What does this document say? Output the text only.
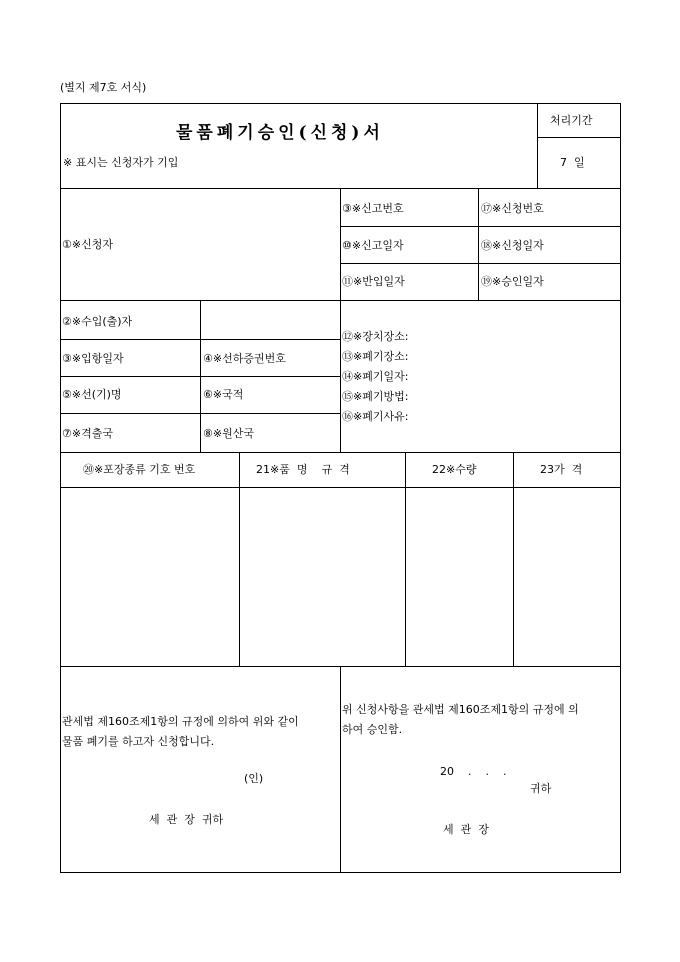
(별지 제7호 서식)
물품폐기승인(신청)서
※ 표시는 신청자가 기입
처리기간
7  일
①※신청자
③※신고번호	⑰※신청번호
⑩※신고일자	⑱※신청일자
⑪※반입일자	⑲※승인일자
②※수입(출)자
③※입항일자	④※선하증권번호
⑤※선(기)명	⑥※국적
⑦※격출국	⑧※원산국
⑫※장치장소:
⑬※폐기장소:
⑭※폐기일자:
⑮※폐기방법:
⑯※폐기사유:
⑳※포장종류 기호 번호	21※품  명    규  격	22※수량	23가  격
관세법 제160조제1항의 규정에 의하여 위와 같이
물품 폐기를 하고자 신청합니다.
(인)
세  관  장  귀하
위 신청사항을 관세법 제160조제1항의 규정에 의
하여 승인함.
20    .    .    .
귀하
세  관  장
